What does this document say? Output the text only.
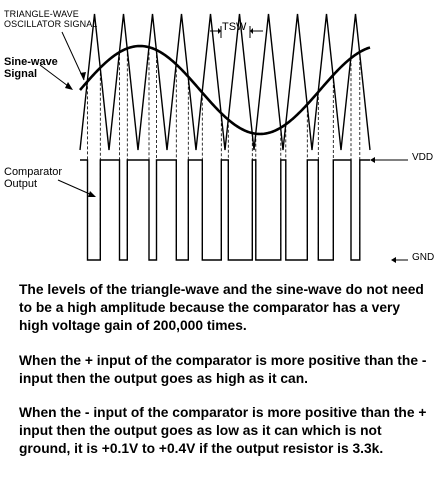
TRIANGLE-WAVE
OSCILLATOR SIGNAL
Sine-wave
Signal
Comparator
Output
TSW
VDD
GND

The levels of the triangle-wave and the sine-wave do not need to be a high amplitude because the comparator has a very high voltage gain of 200,000 times.

When the + input of the comparator is more positive than the - input then the output goes as high as it can.

When the - input of the comparator is more positive than the + input then the output goes as low as it can which is not ground, it is +0.1V to +0.4V if the output resistor is 3.3k.
